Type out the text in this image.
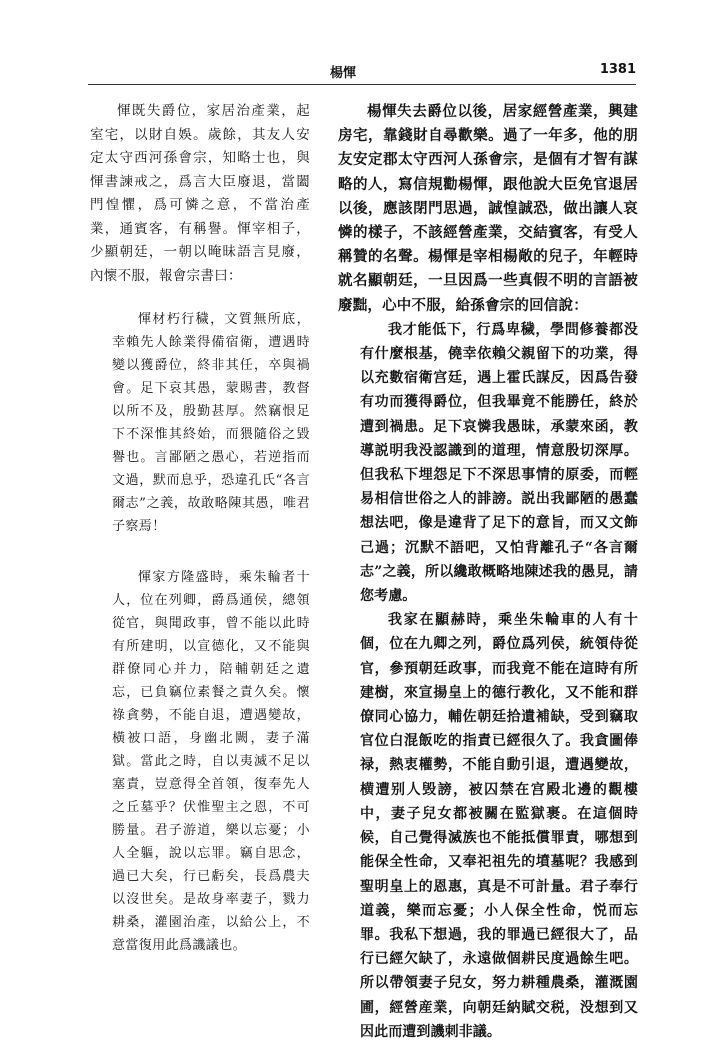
楊惲	1381

惲既失爵位，家居治產業，起室宅，以財自娛。歲餘，其友人安定太守西河孫會宗，知略士也，與惲書諫戒之，爲言大臣廢退，當闔門惶懼，爲可憐之意，不當治產業，通賓客，有稱譽。惲宰相子，少顯朝廷，一朝以晻昧語言見廢，內懷不服，報會宗書曰：

惲材朽行穢，文質無所底，幸賴先人餘業得備宿衛，遭遇時變以獲爵位，終非其任，卒與禍會。足下哀其愚，蒙賜書，教督以所不及，殷勤甚厚。然竊恨足下不深惟其終始，而猥隨俗之毀譽也。言鄙陋之愚心，若逆指而文過，默而息乎，恐違孔氏“各言爾志”之義，故敢略陳其愚，唯君子察焉！

惲家方隆盛時，乘朱輪者十人，位在列卿，爵爲通侯，總領從官，與聞政事，曾不能以此時有所建明，以宣德化，又不能與群僚同心并力，陪輔朝廷之遺忘，已負竊位素餐之責久矣。懷祿貪勢，不能自退，遭遇變故，橫被口語，身幽北闕，妻子滿獄。當此之時，自以夷滅不足以塞責，豈意得全首領，復奉先人之丘墓乎？伏惟聖主之恩，不可勝量。君子游道，樂以忘憂；小人全軀，說以忘罪。竊自思念，過已大矣，行已虧矣，長爲農夫以沒世矣。是故身率妻子，戮力耕桑，灌園治產，以給公上，不意當復用此爲譏議也。

楊惲失去爵位以後，居家經營產業，興建房宅，靠錢財自尋歡樂。過了一年多，他的朋友安定郡太守西河人孫會宗，是個有才智有謀略的人，寫信規勸楊惲，跟他說大臣免官退居以後，應該閉門思過，誠惶誠恐，做出讓人哀憐的樣子，不該經營產業，交結賓客，有受人稱贊的名聲。楊惲是宰相楊敞的兒子，年輕時就名顯朝廷，一旦因爲一些真假不明的言語被廢黜，心中不服，給孫會宗的回信說：

我才能低下，行爲卑穢，學問修養都没有什麼根基，僥幸依賴父親留下的功業，得以充數宿衛宫廷，遇上霍氏謀反，因爲告發有功而獲得爵位，但我畢竟不能勝任，終於遭到禍患。足下哀憐我愚昧，承蒙來函，教導説明我没認識到的道理，情意殷切深厚。但我私下埋怨足下不深思事情的原委，而輕易相信世俗之人的誹謗。説出我鄙陋的愚蠢想法吧，像是違背了足下的意旨，而又文飾己過；沉默不語吧，又怕背離孔子“各言爾志”之義，所以纔敢概略地陳述我的愚見，請您考慮。

我家在顯赫時，乘坐朱輪車的人有十個，位在九卿之列，爵位爲列侯，統領侍從官，參預朝廷政事，而我竟不能在這時有所建樹，來宣揚皇上的德行教化，又不能和群僚同心協力，輔佐朝廷拾遺補缺，受到竊取官位白混飯吃的指責已經很久了。我貪圖俸禄，熱衷權勢，不能自動引退，遭遇變故，横遭别人毁謗，被囚禁在宫殿北邊的觀樓中，妻子兒女都被關在監獄裹。在這個時候，自己覺得滅族也不能抵償罪責，哪想到能保全性命，又奉祀祖先的墳墓呢？我感到聖明皇上的恩惠，真是不可計量。君子奉行道義，樂而忘憂；小人保全性命，悦而忘罪。我私下想過，我的罪過已經很大了，品行已經欠缺了，永遠做個耕民度過餘生吧。所以帶領妻子兒女，努力耕種農桑，灌溉園圃，經營産業，向朝廷納賦交税，没想到又因此而遭到譏刺非議。
